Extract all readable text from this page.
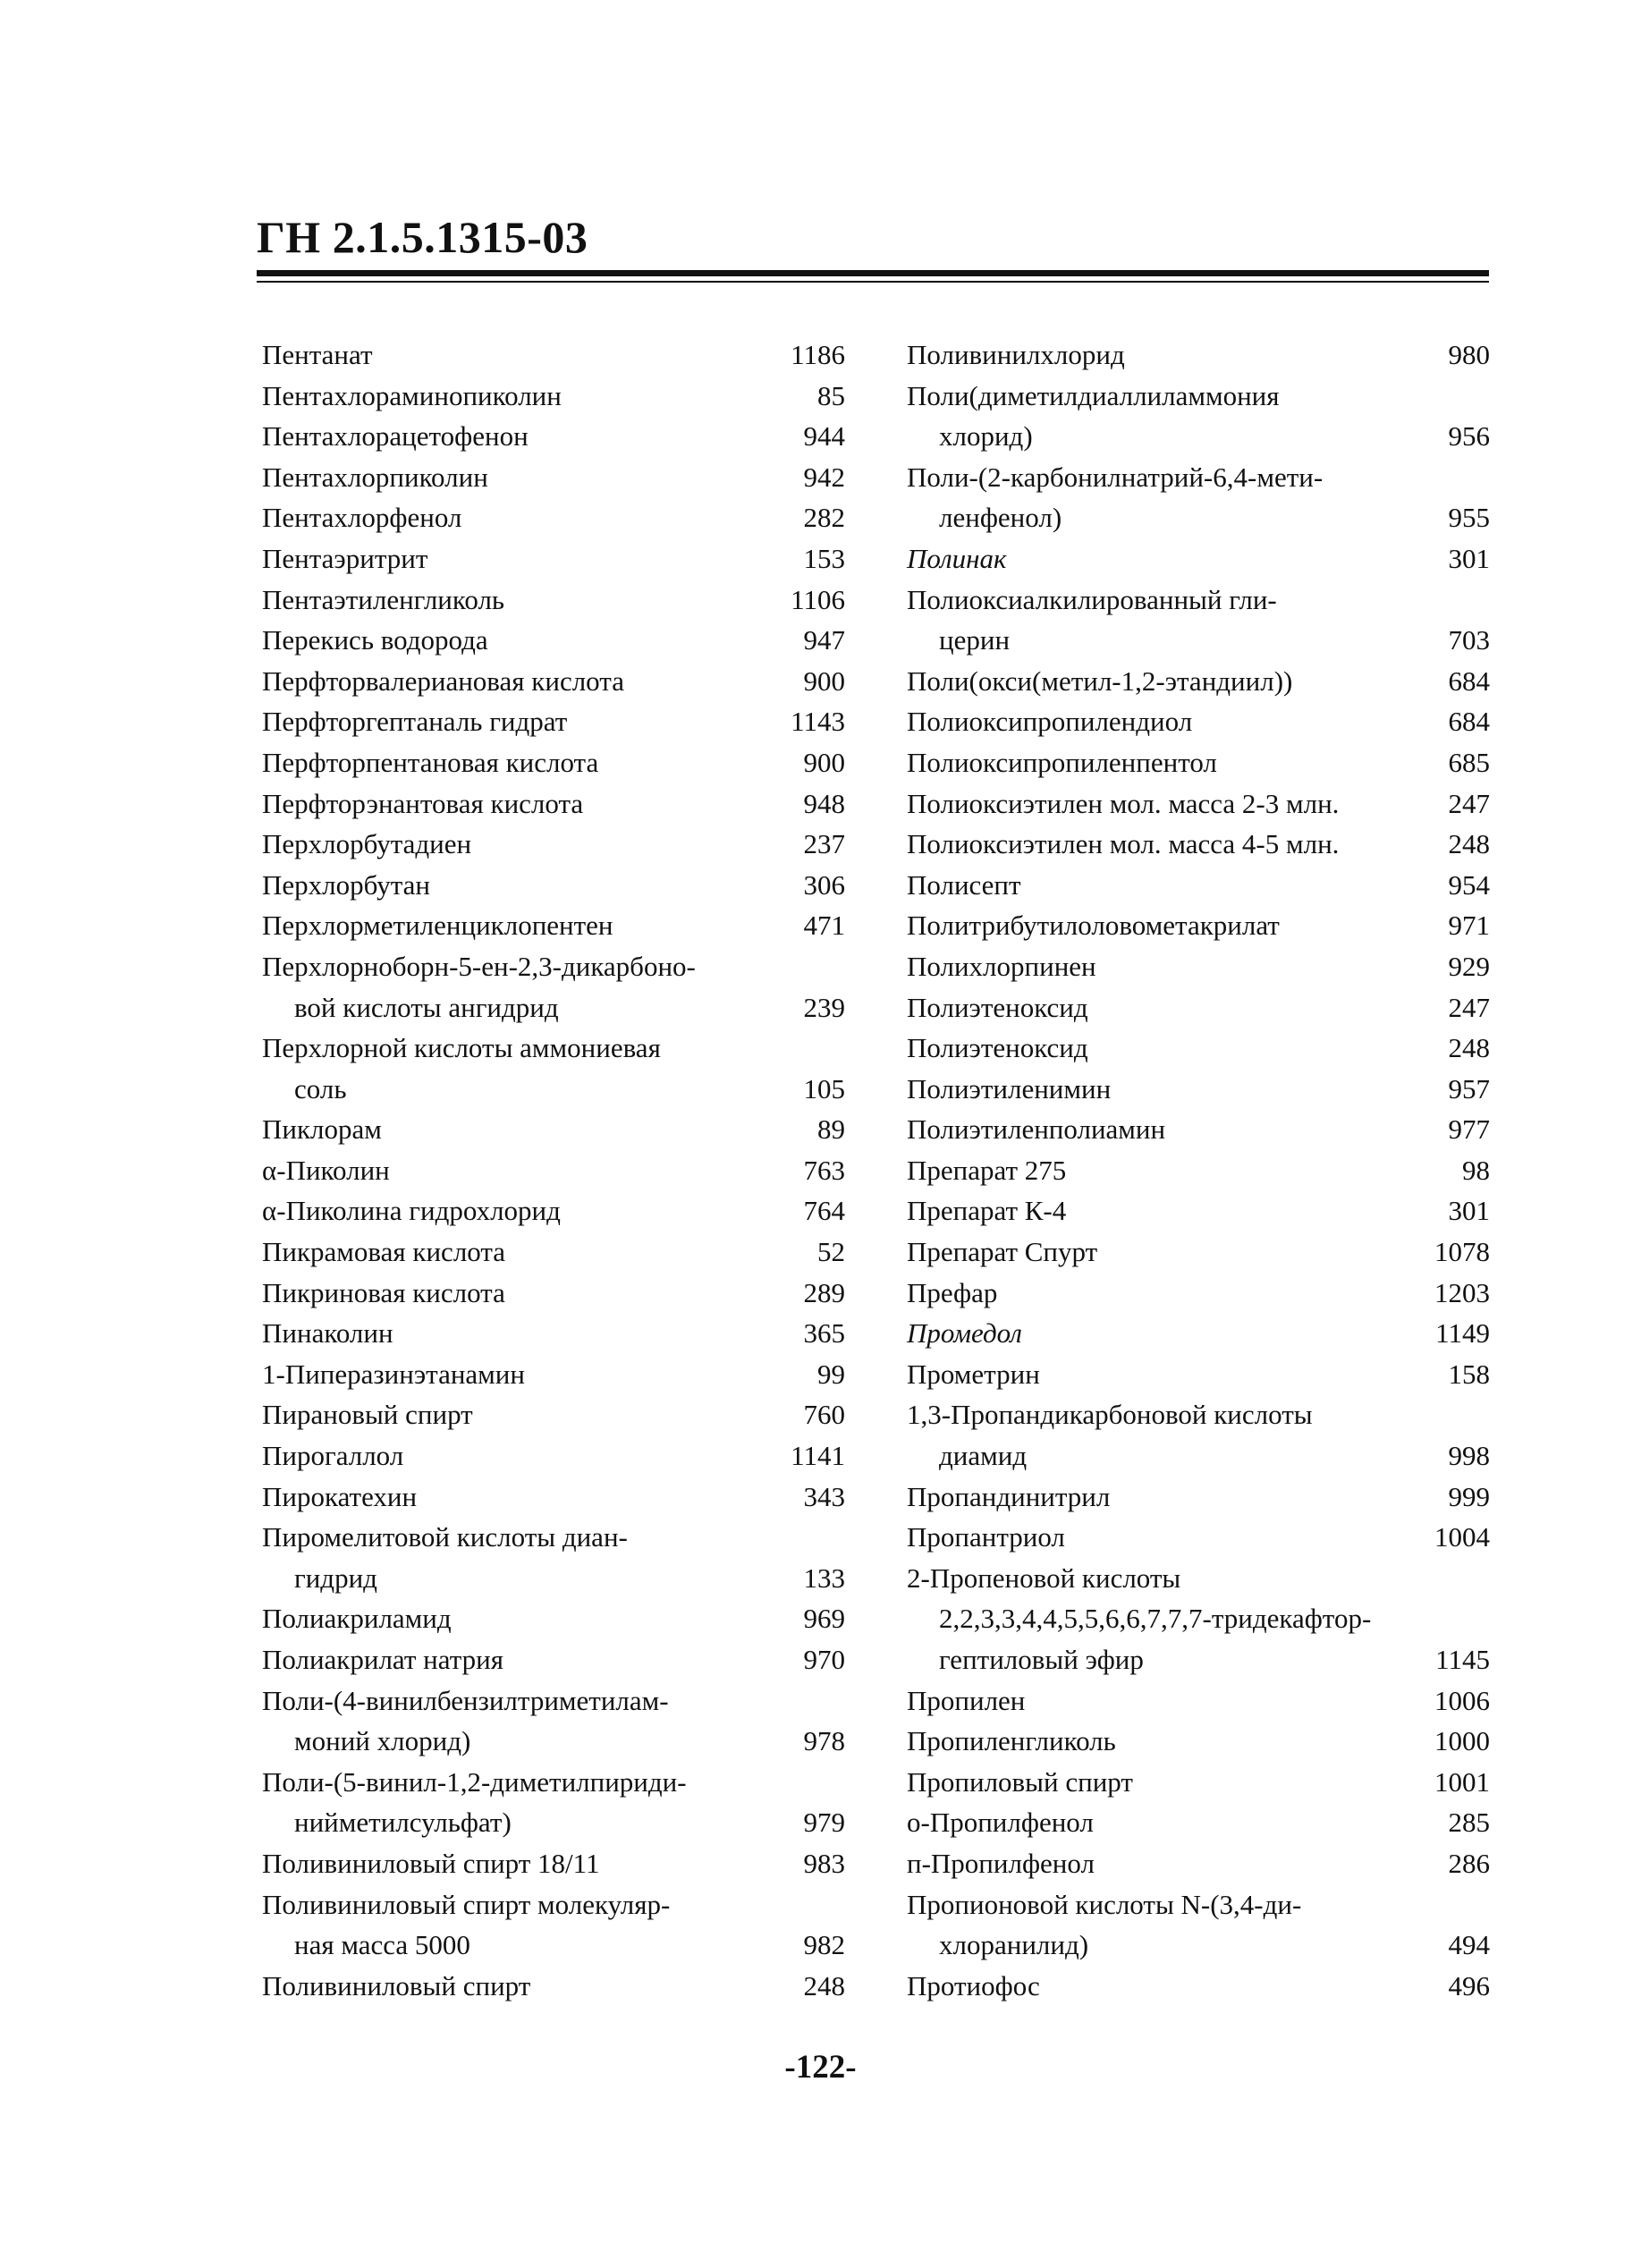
ГН 2.1.5.1315-03
Пентанат	1186
Пентахлораминопиколин	85
Пентахлорацетофенон	944
Пентахлорпиколин	942
Пентахлорфенол	282
Пентаэритрит	153
Пентаэтиленгликоль	1106
Перекись водорода	947
Перфторвалериановая кислота	900
Перфторгептаналь гидрат	1143
Перфторпентановая кислота	900
Перфторэнантовая кислота	948
Перхлорбутадиен	237
Перхлорбутан	306
Перхлорметиленциклопентен	471
Перхлорноборн-5-ен-2,3-дикарбоно-
вой кислоты ангидрид	239
Перхлорной кислоты аммониевая
соль	105
Пиклорам	89
α-Пиколин	763
α-Пиколина гидрохлорид	764
Пикрамовая кислота	52
Пикриновая кислота	289
Пинаколин	365
1-Пиперазинэтанамин	99
Пирановый спирт	760
Пирогаллол	1141
Пирокатехин	343
Пиромелитовой кислоты диан-
гидрид	133
Полиакриламид	969
Полиакрилат натрия	970
Поли-(4-винилбензилтриметилам-
моний хлорид)	978
Поли-(5-винил-1,2-диметилпириди-
нийметилсульфат)	979
Поливиниловый спирт 18/11	983
Поливиниловый спирт молекуляр-
ная масса 5000	982
Поливиниловый спирт	248
Поливинилхлорид	980
Поли(диметилдиаллиламмония
хлорид)	956
Поли-(2-карбонилнатрий-6,4-мети-
ленфенол)	955
Полинак	301
Полиоксиалкилированный гли-
церин	703
Поли(окси(метил-1,2-этандиил))	684
Полиоксипропилендиол	684
Полиоксипропиленпентол	685
Полиоксиэтилен мол. масса 2-3 млн.	247
Полиоксиэтилен мол. масса 4-5 млн.	248
Полисепт	954
Политрибутилоловометакрилат	971
Полихлорпинен	929
Полиэтеноксид	247
Полиэтеноксид	248
Полиэтиленимин	957
Полиэтиленполиамин	977
Препарат 275	98
Препарат К-4	301
Препарат Спурт	1078
Префар	1203
Промедол	1149
Прометрин	158
1,3-Пропандикарбоновой кислоты
диамид	998
Пропандинитрил	999
Пропантриол	1004
2-Пропеновой кислоты
2,2,3,3,4,4,5,5,6,6,7,7,7-тридекафтор-
гептиловый эфир	1145
Пропилен	1006
Пропиленгликоль	1000
Пропиловый спирт	1001
о-Пропилфенол	285
п-Пропилфенол	286
Пропионовой кислоты N-(3,4-ди-
хлоранилид)	494
Протиофос	496
-122-
